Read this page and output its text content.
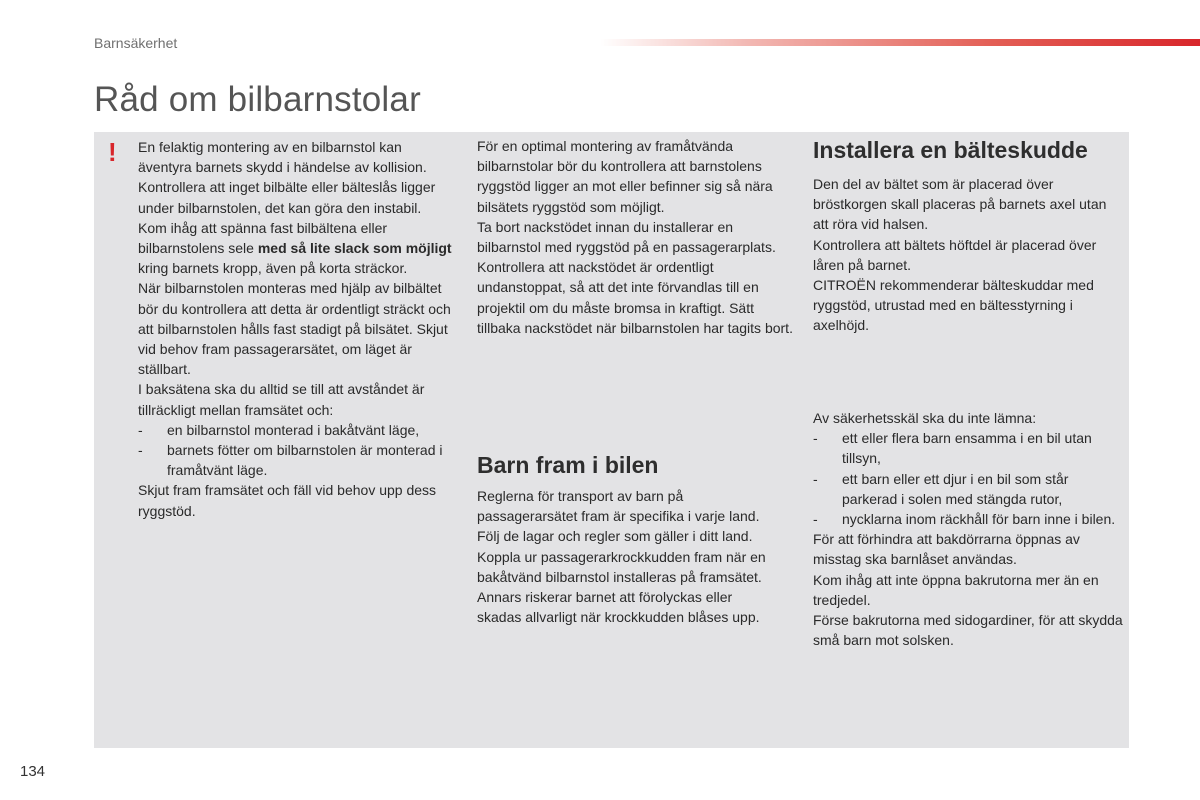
Barnsäkerhet
Råd om bilbarnstolar
! En felaktig montering av en bilbarnstol kan äventyra barnets skydd i händelse av kollision.

Kontrollera att inget bilbälte eller bälteslås ligger under bilbarnstolen, det kan göra den instabil.

Kom ihåg att spänna fast bilbältena eller bilbarnstolens sele med så lite slack som möjligt kring barnets kropp, även på korta sträckor.

När bilbarnstolen monteras med hjälp av bilbältet bör du kontrollera att detta är ordentligt sträckt och att bilbarnstolen hålls fast stadigt på bilsätet. Skjut vid behov fram passagerarsätet, om läget är ställbart.

I baksätena ska du alltid se till att avståndet är tillräckligt mellan framsätet och:

- en bilbarnstol monterad i bakåtvänt läge,
- barnets fötter om bilbarnstolen är monterad i framåtvänt läge.

Skjut fram framsätet och fäll vid behov upp dess ryggstöd.

För en optimal montering av framåtvända bilbarnstolar bör du kontrollera att barnstolens ryggstöd ligger an mot eller befinner sig så nära bilsätets ryggstöd som möjligt.

Ta bort nackstödet innan du installerar en bilbarnstol med ryggstöd på en passagerarplats.

Kontrollera att nackstödet är ordentligt undanstoppat, så att det inte förvandlas till en projektil om du måste bromsa in kraftigt. Sätt tillbaka nackstödet när bilbarnstolen har tagits bort.

Barn fram i bilen

Reglerna för transport av barn på passagerarsätet fram är specifika i varje land. Följ de lagar och regler som gäller i ditt land.

Koppla ur passagerarkrockkudden fram när en bakåtvänd bilbarnstol installeras på framsätet. Annars riskerar barnet att förolyckas eller skadas allvarligt när krockkudden blåses upp.

Installera en bälteskudde

Den del av bältet som är placerad över bröstkorgen skall placeras på barnets axel utan att röra vid halsen.

Kontrollera att bältets höftdel är placerad över låren på barnet.

CITROËN rekommenderar bälteskuddar med ryggstöd, utrustad med en bältesstyrning i axelhöjd.

Av säkerhetsskäl ska du inte lämna:

- ett eller flera barn ensamma i en bil utan tillsyn,
- ett barn eller ett djur i en bil som står parkerad i solen med stängda rutor,
- nycklarna inom räckhåll för barn inne i bilen.

För att förhindra att bakdörrarna öppnas av misstag ska barnlåset användas.

Kom ihåg att inte öppna bakrutorna mer än en tredjedel.

Förse bakrutorna med sidogardiner, för att skydda små barn mot solsken.

134
